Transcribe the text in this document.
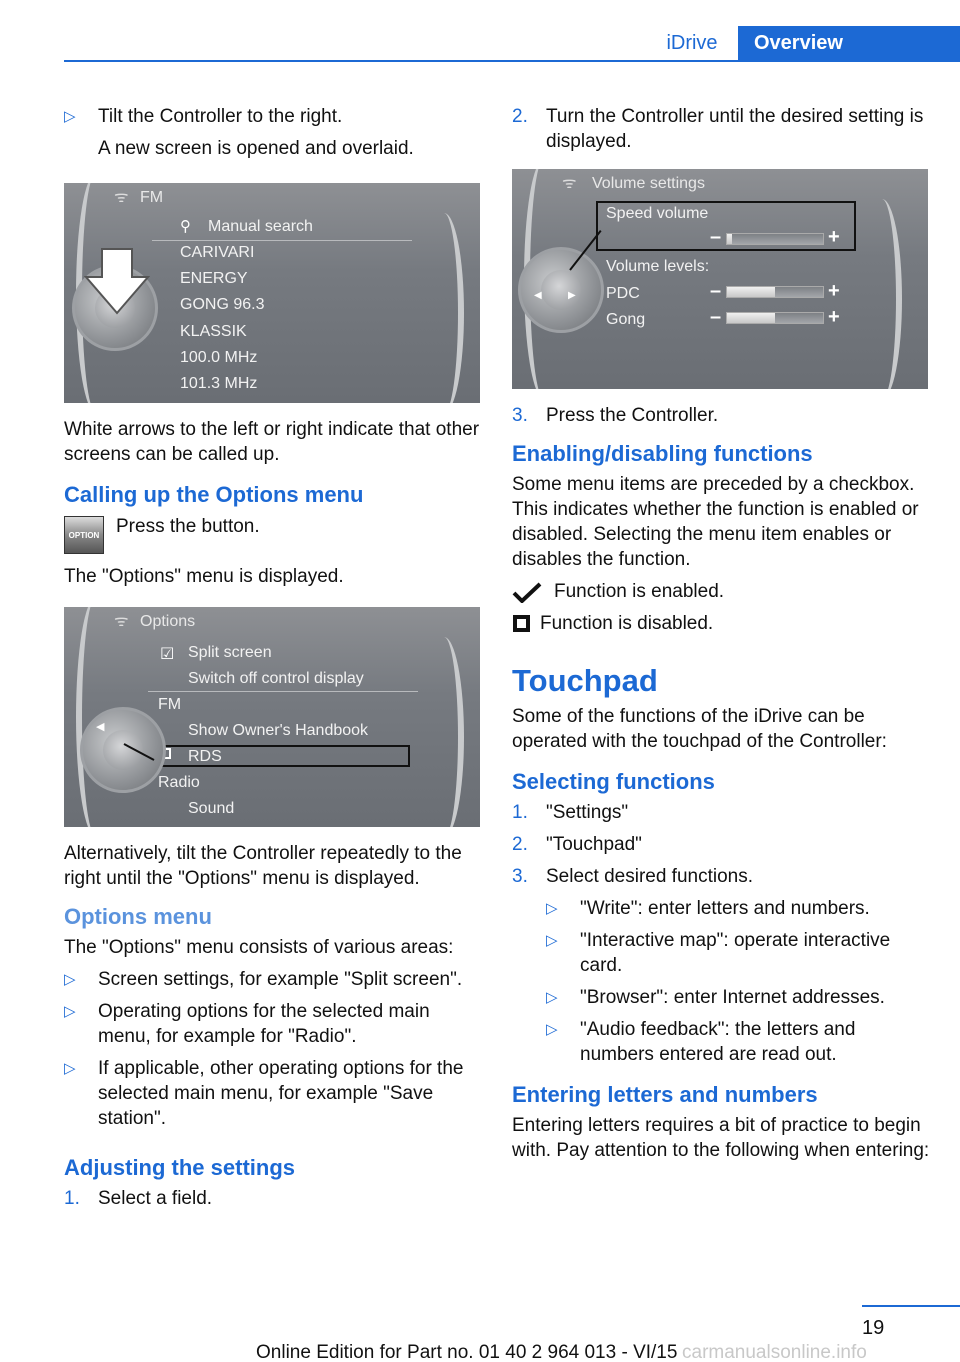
iDrive	Overview
▷ Tilt the Controller to the right.

A new screen is opened and overlaid.

ᯤ FM
⚲ Manual search
CARIVARI
ENERGY
GONG 96.3
KLASSIK
100.0 MHz
101.3 MHz

White arrows to the left or right indicate that other screens can be called up.

Calling up the Options menu
OPTION Press the button.

The "Options" menu is displayed.

ᯤ Options
☑ Split screen
Switch off control display
FM
Show Owner's Handbook
RDS
Radio
Sound
◀

Alternatively, tilt the Controller repeatedly to the right until the "Options" menu is displayed.

Options menu

The "Options" menu consists of various areas:

▷ Screen settings, for example "Split screen".

▷ Operating options for the selected main menu, for example for "Radio".

▷ If applicable, other operating options for the selected main menu, for example "Save station".

Adjusting the settings
1. Select a field.

2. Turn the Controller until the desired setting is displayed.

ᯤ Volume settings
Speed volume
–	+
Volume levels:
PDC	–	+
Gong	–	+
◀	▶
3. Press the Controller.

Enabling/disabling functions

Some menu items are preceded by a checkbox. This indicates whether the function is enabled or disabled. Selecting the menu item enables or disables the function.

Function is enabled.

Function is disabled.

Touchpad

Some of the functions of the iDrive can be operated with the touchpad of the Controller:

Selecting functions
1. "Settings"

2. "Touchpad"

3. Select desired functions.

▷ "Write": enter letters and numbers.

▷ "Interactive map": operate interactive card.

▷ "Browser": enter Internet addresses.

▷ "Audio feedback": the letters and numbers entered are read out.

Entering letters and numbers

Entering letters requires a bit of practice to begin with. Pay attention to the following when entering:

19
Online Edition for Part no. 01 40 2 964 013 - VI/15 carmanualsonline.info
